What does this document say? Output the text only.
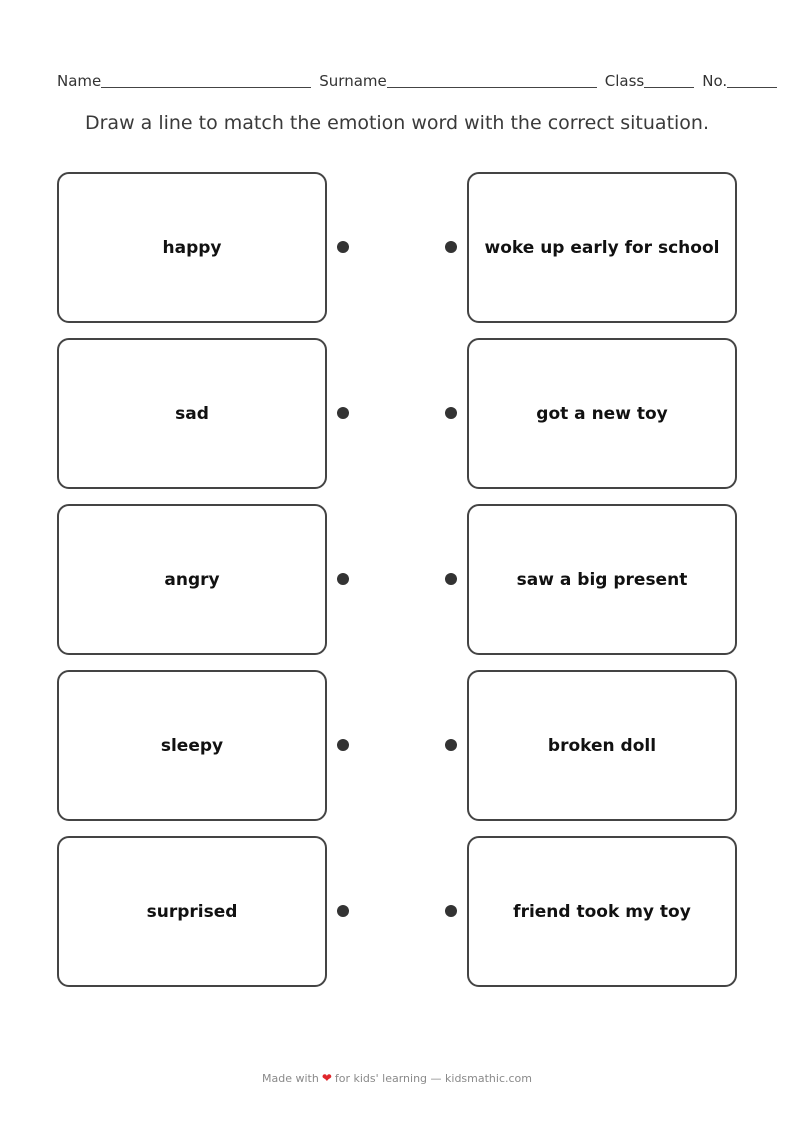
Name	Surname	Class	No.
Draw a line to match the emotion word with the correct situation.
happy	woke up early for school
sad	got a new toy
angry	saw a big present
sleepy	broken doll
surprised	friend took my toy
Made with ❤ for kids' learning — kidsmathic.com
